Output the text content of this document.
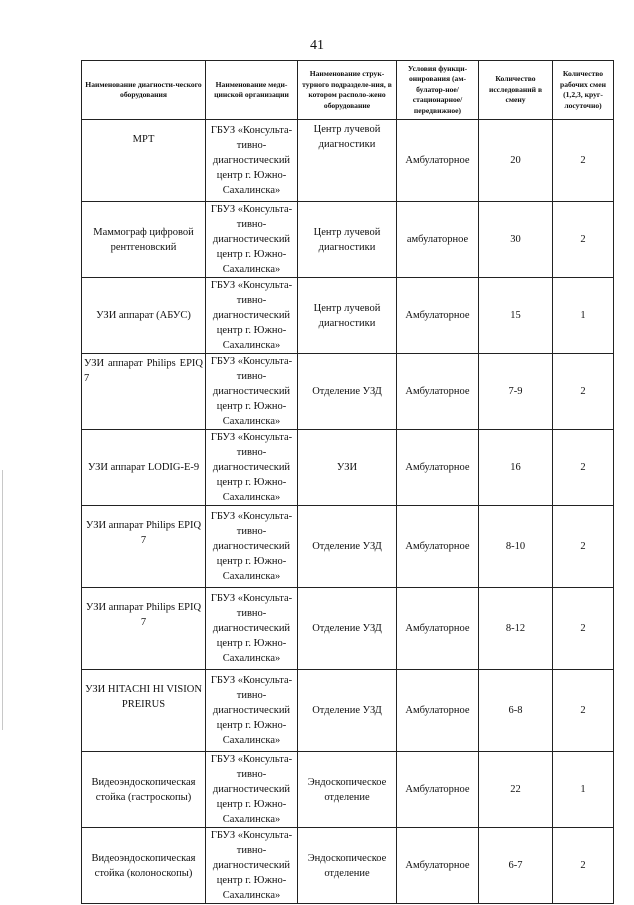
41
Наименование диагности-ческого оборудования	Наименование меди-цинской организации	Наименование струк-турного подразделе-ния, в котором располо-жено оборудование	Условия функци-онирования (ам-булатор-ное/стационарное/ передвижное)	Количество исследований в смену	Количество рабочих смен (1,2,3, круг-лосуточно)
МРТ	ГБУЗ «Консульта-тивно-диагностический центр г. Южно-Сахалинска»	Центр лучевой диагностики	Амбулаторное	20	2
Маммограф цифровой рентгеновский	ГБУЗ «Консульта-тивно-диагностический центр г. Южно-Сахалинска»	Центр лучевой диагностики	амбулаторное	30	2
УЗИ аппарат (АБУС)	ГБУЗ «Консульта-тивно-диагностический центр г. Южно-Сахалинска»	Центр лучевой диагностики	Амбулаторное	15	1
УЗИ аппарат Philips EPIQ 7	ГБУЗ «Консульта-тивно-диагностический центр г. Южно-Сахалинска»	Отделение УЗД	Амбулаторное	7-9	2
УЗИ аппарат LODIG-E-9	ГБУЗ «Консульта-тивно-диагностический центр г. Южно-Сахалинска»	УЗИ	Амбулаторное	16	2
УЗИ аппарат Philips EPIQ 7	ГБУЗ «Консульта-тивно-диагностический центр г. Южно-Сахалинска»	Отделение УЗД	Амбулаторное	8-10	2
УЗИ аппарат Philips EPIQ 7	ГБУЗ «Консульта-тивно-диагностический центр г. Южно-Сахалинска»	Отделение УЗД	Амбулаторное	8-12	2
УЗИ HITACHI HI VISION PREIRUS	ГБУЗ «Консульта-тивно-диагностический центр г. Южно-Сахалинска»	Отделение УЗД	Амбулаторное	6-8	2
Видеоэндоскопическая стойка (гастроскопы)	ГБУЗ «Консульта-тивно-диагностический центр г. Южно-Сахалинска»	Эндоскопическое отделение	Амбулаторное	22	1
Видеоэндоскопическая стойка (колоноскопы)	ГБУЗ «Консульта-тивно-диагностический центр г. Южно-Сахалинска»	Эндоскопическое отделение	Амбулаторное	6-7	2
